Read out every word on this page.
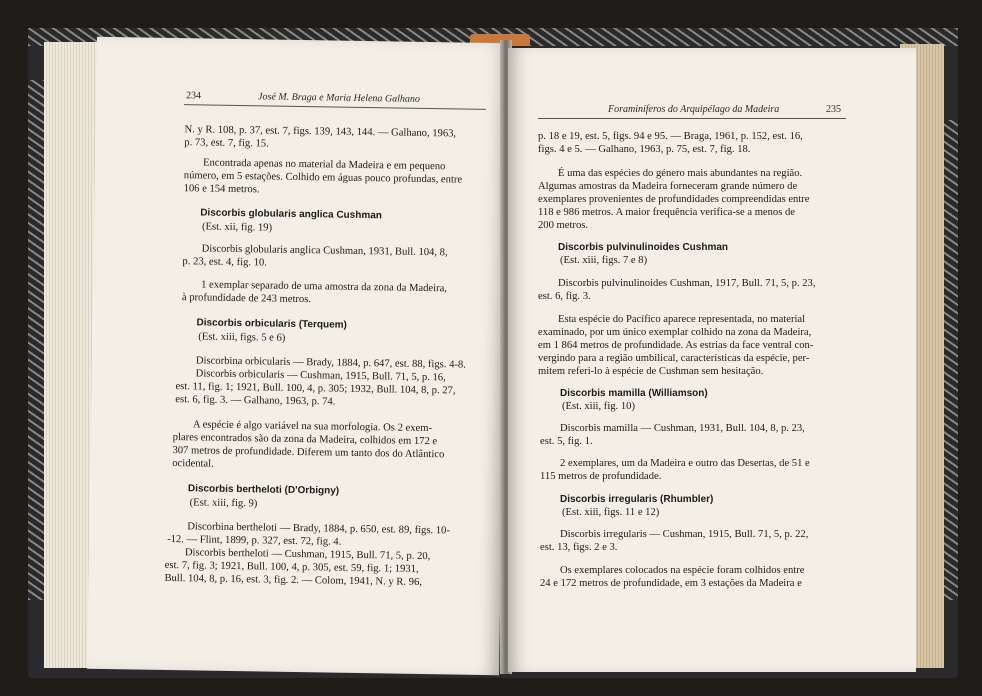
234	José M. Braga e Maria Helena Galhano
N. y R. 108, p. 37, est. 7, figs. 139, 143, 144. — Galhano, 1963,
p. 73, est. 7, fig. 15.
Encontrada apenas no material da Madeira e em pequeno
número, em 5 estações. Colhido em águas pouco profundas, entre
106 e 154 metros.
Discorbis globularis anglica Cushman
(Est. xii, fig. 19)
Discorbis globularis anglica Cushman, 1931, Bull. 104, 8,
p. 23, est. 4, fig. 10.
1 exemplar separado de uma amostra da zona da Madeira,
à profundidade de 243 metros.
Discorbis orbicularis (Terquem)
(Est. xiii, figs. 5 e 6)
Discorbina orbicularis — Brady, 1884, p. 647, est. 88, figs. 4-8.
Discorbis orbicularis — Cushman, 1915, Bull. 71, 5, p. 16,
est. 11, fig. 1; 1921, Bull. 100, 4, p. 305; 1932, Bull. 104, 8, p. 27,
est. 6, fig. 3. — Galhano, 1963, p. 74.
A espécie é algo variável na sua morfologia. Os 2 exem-
plares encontrados são da zona da Madeira, colhidos em 172 e
307 metros de profundidade. Diferem um tanto dos do Atlântico
ocidental.
Discorbis bertheloti (D'Orbigny)
(Est. xiii, fig. 9)
Discorbina bertheloti — Brady, 1884, p. 650, est. 89, figs. 10-
-12. — Flint, 1899, p. 327, est. 72, fig. 4.
Discorbis bertheloti — Cushman, 1915, Bull. 71, 5, p. 20,
est. 7, fig. 3; 1921, Bull. 100, 4, p. 305, est. 59, fig. 1; 1931,
Bull. 104, 8, p. 16, est. 3, fig. 2. — Colom, 1941, N. y R. 96,
Foraminíferos do Arquipélago da Madeira	235
p. 18 e 19, est. 5, figs. 94 e 95. — Braga, 1961, p. 152, est. 16,
figs. 4 e 5. — Galhano, 1963, p. 75, est. 7, fig. 18.
É uma das espécies do género mais abundantes na região.
Algumas amostras da Madeira forneceram grande número de
exemplares provenientes de profundidades compreendidas entre
118 e 986 metros. A maior frequência verifica-se a menos de
200 metros.
Discorbis pulvinulinoides Cushman
(Est. xiii, figs. 7 e 8)
Discorbis pulvinulinoides Cushman, 1917, Bull. 71, 5, p. 23,
est. 6, fig. 3.
Esta espécie do Pacífico aparece representada, no material
examinado, por um único exemplar colhido na zona da Madeira,
em 1 864 metros de profundidade. As estrias da face ventral con-
vergindo para a região umbilical, características da espécie, per-
mitem referi-lo à espécie de Cushman sem hesitação.
Discorbis mamilla (Williamson)
(Est. xiii, fig. 10)
Discorbis mamilla — Cushman, 1931, Bull. 104, 8, p. 23,
est. 5, fig. 1.
2 exemplares, um da Madeira e outro das Desertas, de 51 e
115 metros de profundidade.
Discorbis irregularis (Rhumbler)
(Est. xiii, figs. 11 e 12)
Discorbis irregularis — Cushman, 1915, Bull. 71, 5, p. 22,
est. 13, figs. 2 e 3.
Os exemplares colocados na espécie foram colhidos entre
24 e 172 metros de profundidade, em 3 estações da Madeira e
